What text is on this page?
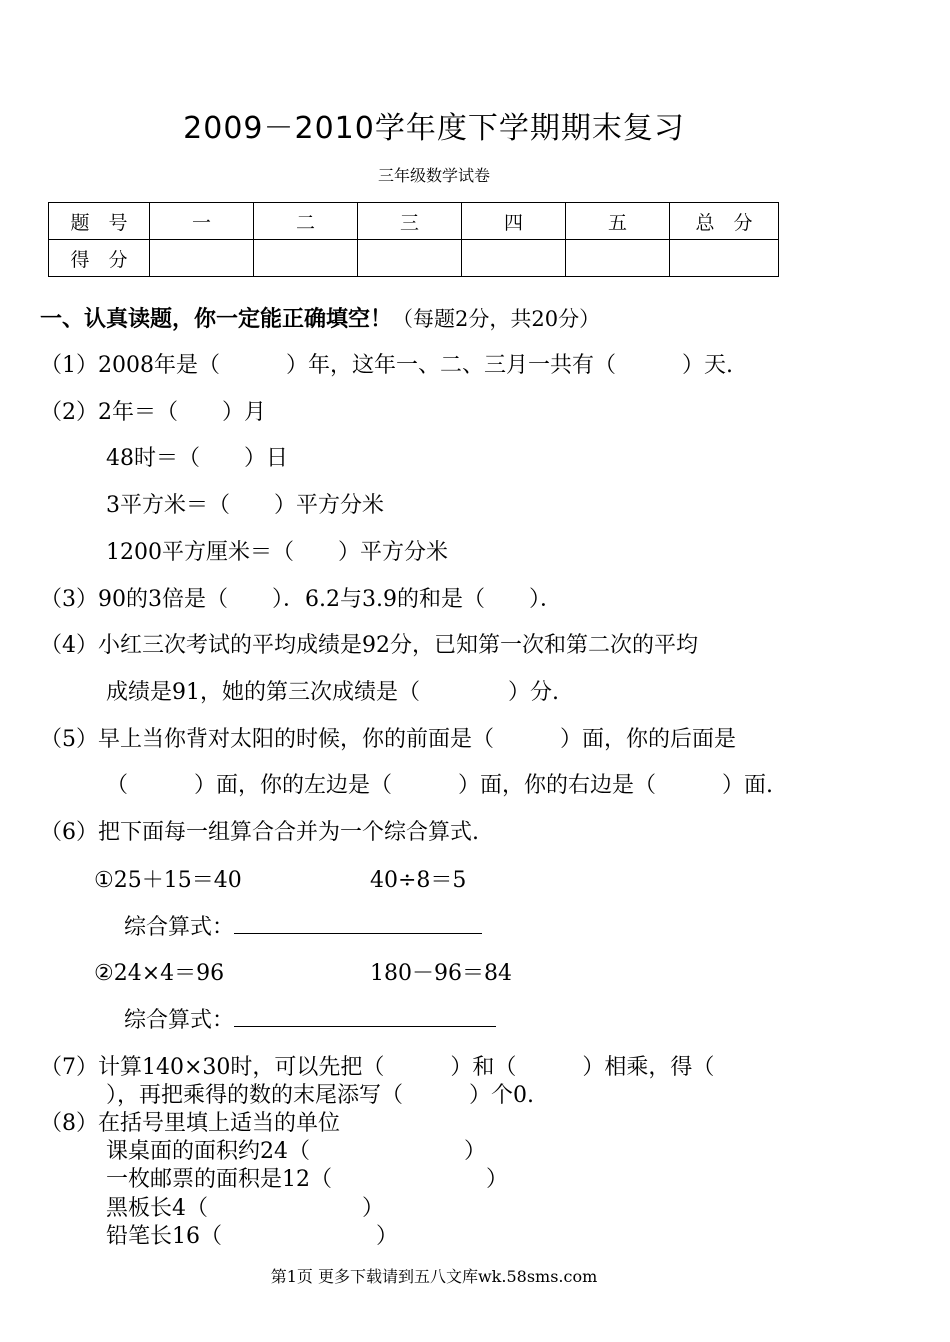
2009－2010学年度下学期期末复习
三年级数学试卷
题　号	一	二	三	四	五	总　分
得　分						
一、认真读题，你一定能正确填空！（每题2分，共20分）
（1）2008年是（　　　）年，这年一、二、三月一共有（　　　）天.
（2）2年＝（　　）月
48时＝（　　）日
3平方米＝（　　）平方分米
1200平方厘米＝（　　）平方分米
（3）90的3倍是（　　）．6.2与3.9的和是（　　）．
（4）小红三次考试的平均成绩是92分，已知第一次和第二次的平均
成绩是91，她的第三次成绩是（　　　　）分.
（5）早上当你背对太阳的时候，你的前面是（　　　）面，你的后面是
（　　　）面，你的左边是（　　　）面，你的右边是（　　　）面.
（6）把下面每一组算合合并为一个综合算式.
①25＋15＝40	40÷8＝5
综合算式：
②24×4＝96	180－96＝84
综合算式：
（7）计算140×30时，可以先把（　　　）和（　　　）相乘，得（
），再把乘得的数的末尾添写（　　　）个0.
（8）在括号里填上适当的单位
课桌面的面积约24（　　　　　　　）
一枚邮票的面积是12（　　　　　　　）
黑板长4（　　　　　　　）
铅笔长16（　　　　　　　）
第1页 更多下载请到五八文库wk.58sms.com
